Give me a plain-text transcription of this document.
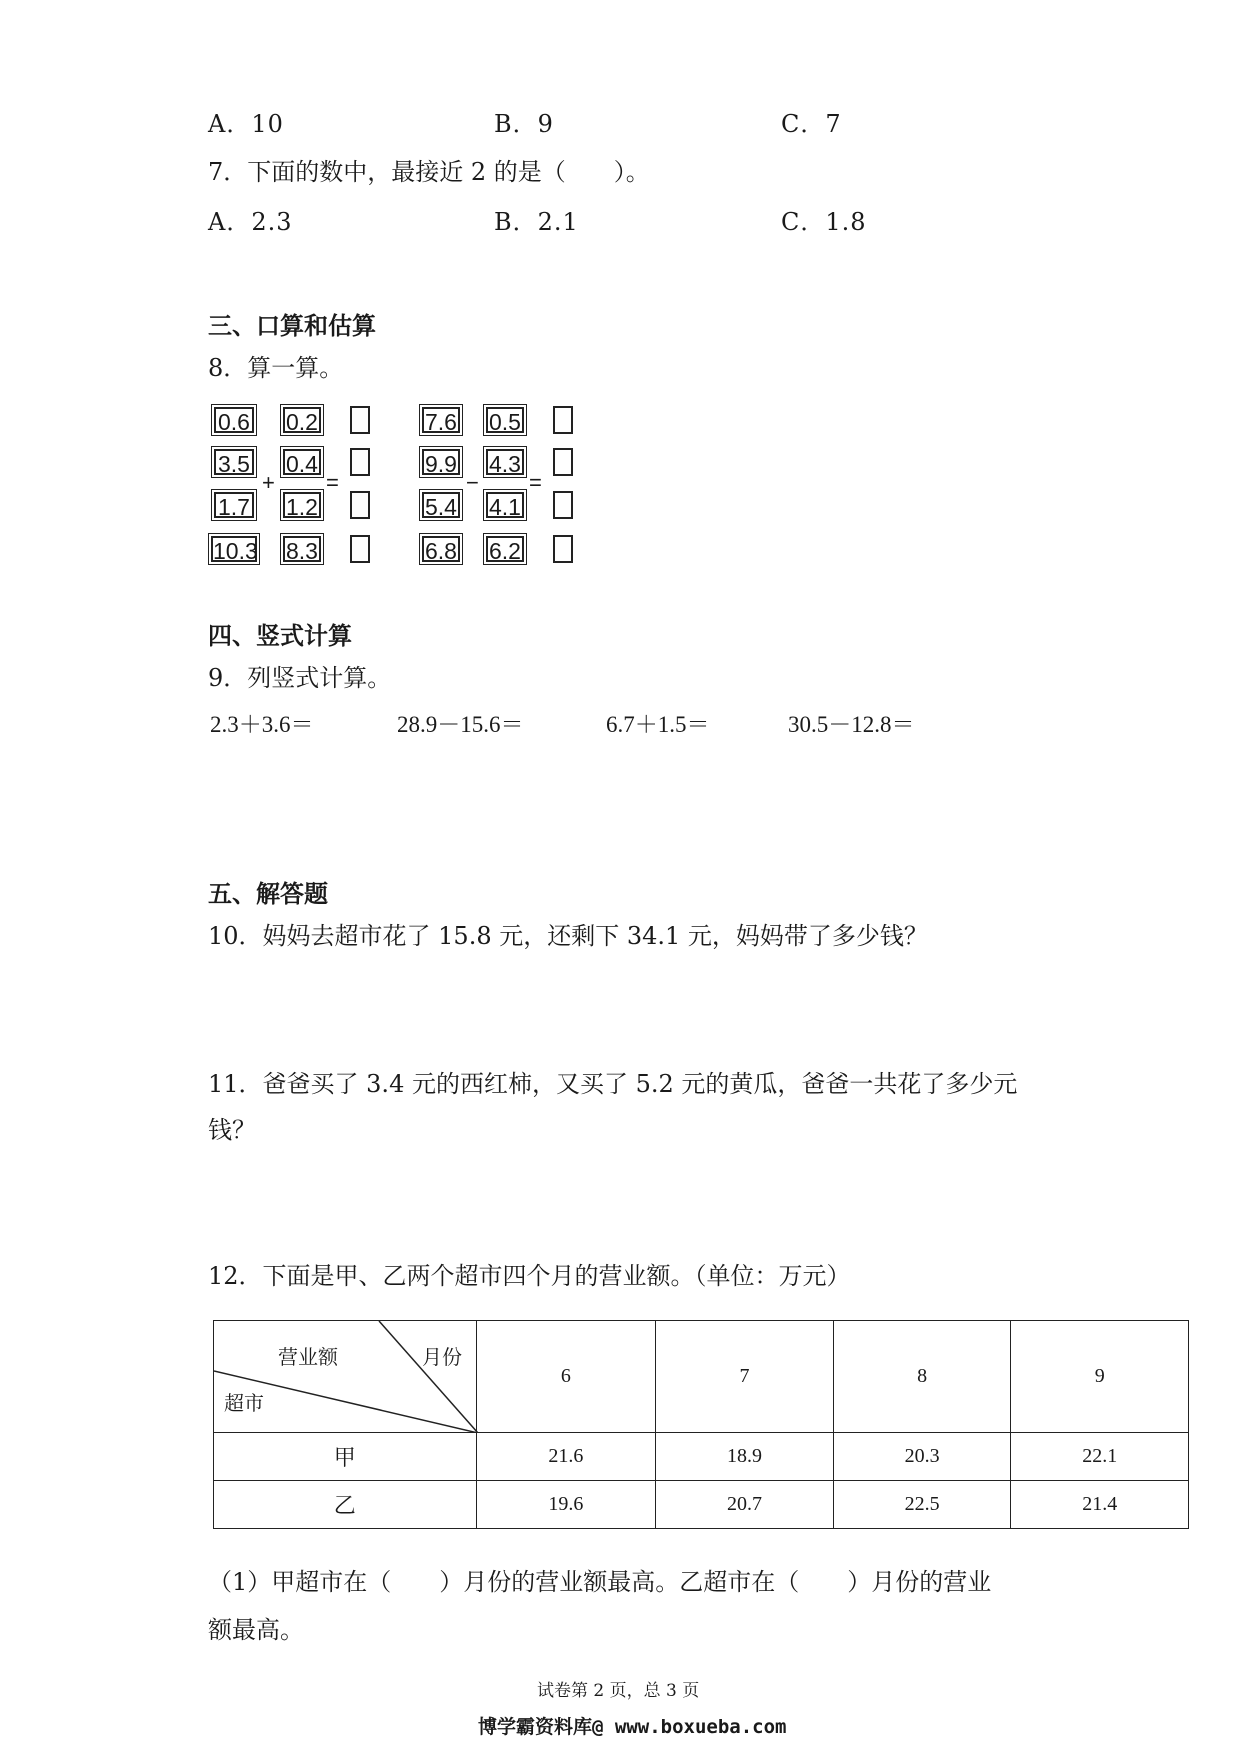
A．10	B．9	C．7
7．下面的数中，最接近 2 的是（　　）。
A．2.3	B．2.1	C．1.8
三、口算和估算
8．算一算。
0.6
3.5
1.7
10.3
+
0.2
0.4
1.2
8.3
=
7.6
9.9
5.4
6.8
−
0.5
4.3
4.1
6.2
=
四、竖式计算
9．列竖式计算。
2.3＋3.6＝	28.9－15.6＝	6.7＋1.5＝	30.5－12.8＝
五、解答题
10．妈妈去超市花了 15.8 元，还剩下 34.1 元，妈妈带了多少钱？
11．爸爸买了 3.4 元的西红柿，又买了 5.2 元的黄瓜，爸爸一共花了多少元
钱？
12．下面是甲、乙两个超市四个月的营业额。（单位：万元）
营业额 月份
超市	6	7	8	9
甲	21.6	18.9	20.3	22.1
乙	19.6	20.7	22.5	21.4
（1）甲超市在（　　）月份的营业额最高。乙超市在（　　）月份的营业
额最高。
试卷第 2 页，总 3 页
博学霸资料库@ www.boxueba.com
